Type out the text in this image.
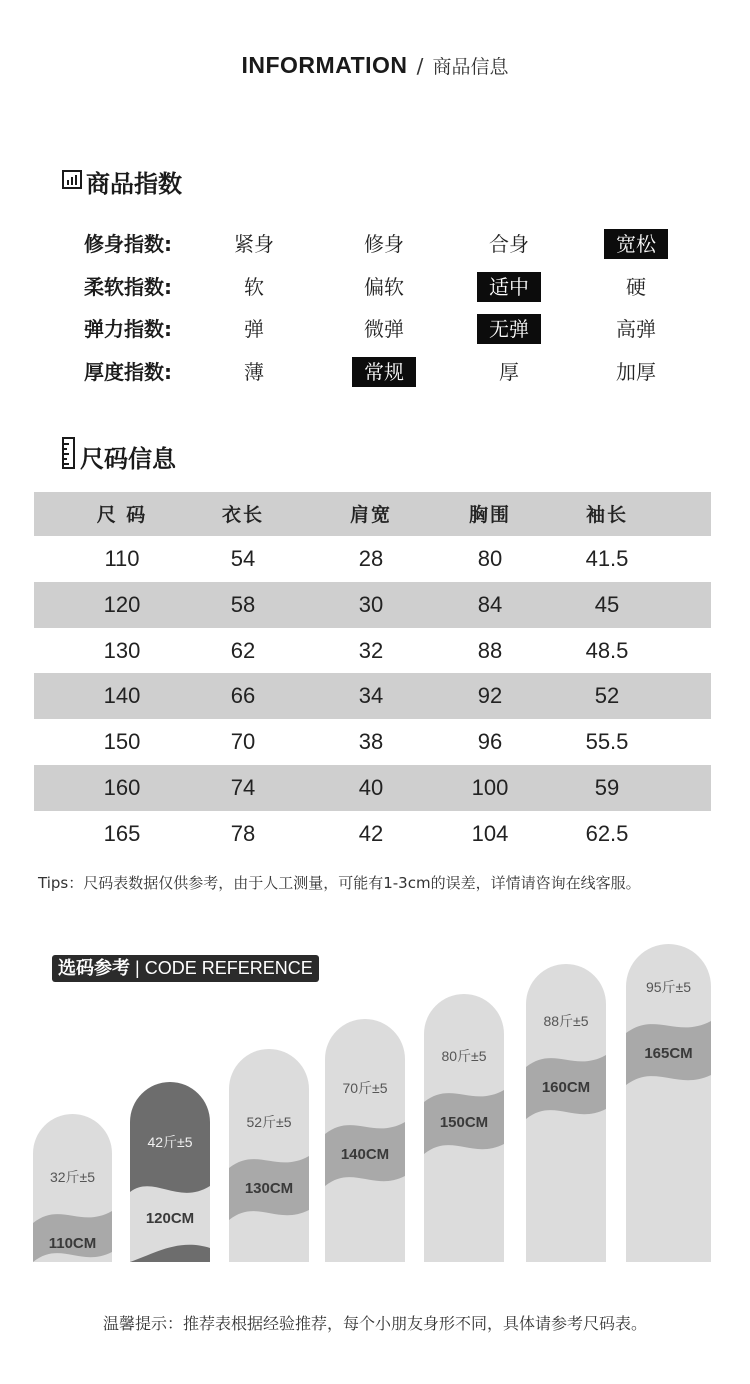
INFORMATION / 商品信息
商品指数
修身指数:	紧身	修身	合身	宽松
柔软指数:	软	偏软	适中	硬
弹力指数:	弹	微弹	无弹	高弹
厚度指数:	薄	常规	厚	加厚
尺码信息
尺 码	衣长	肩宽	胸围	袖长
110	54	28	80	41.5
120	58	30	84	45
130	62	32	88	48.5
140	66	34	92	52
150	70	38	96	55.5
160	74	40	100	59
165	78	42	104	62.5
Tips：尺码表数据仅供参考，由于人工测量，可能有1-3cm的误差，详情请咨询在线客服。
选码参考 | CODE REFERENCE
32斤±5
110CM
42斤±5
120CM
52斤±5
130CM
70斤±5
140CM
80斤±5
150CM
88斤±5
160CM
95斤±5
165CM
温馨提示：推荐表根据经验推荐，每个小朋友身形不同，具体请参考尺码表。
